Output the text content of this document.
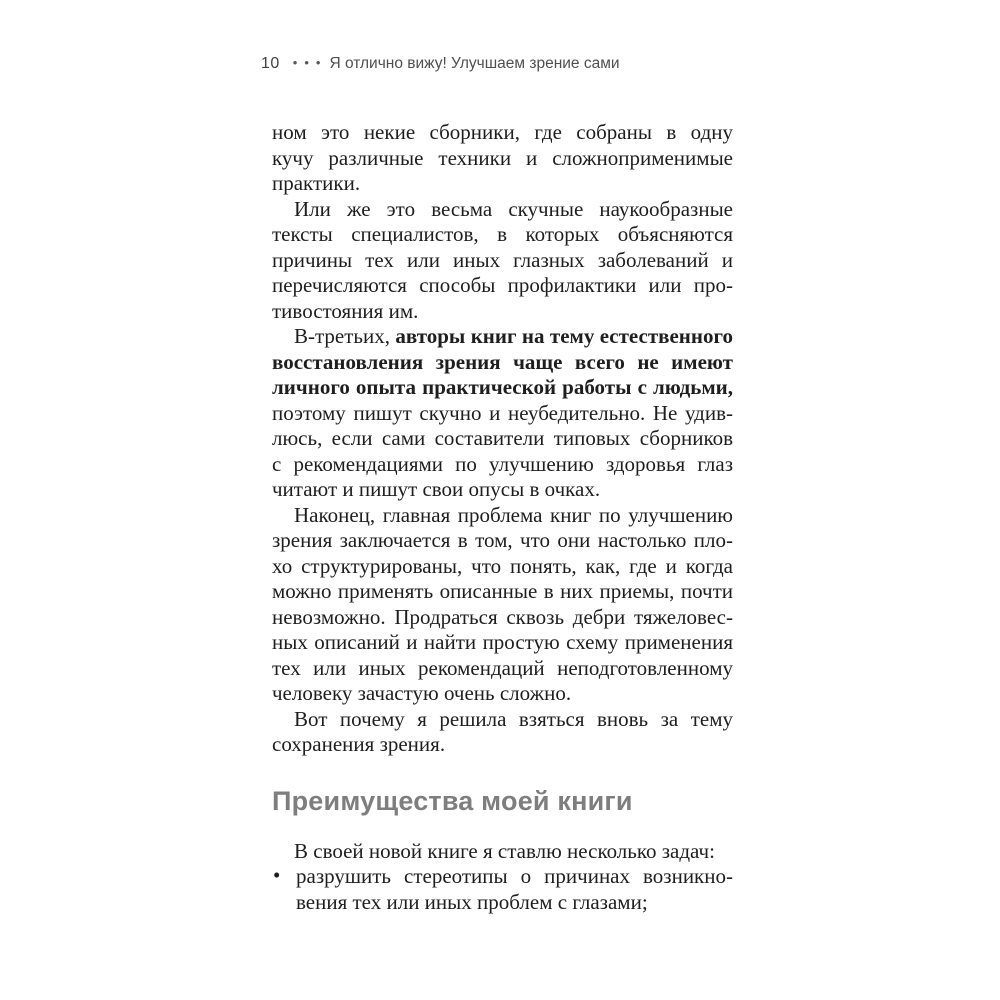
10 ••• Я отлично вижу! Улучшаем зрение сами
ном это некие сборники, где собраны в одну
кучу различные техники и сложноприменимые
практики.
Или же это весьма скучные наукообразные
тексты специалистов, в которых объясняются
причины тех или иных глазных заболеваний и
перечисляются способы профилактики или про-
тивостояния им.
В-третьих, авторы книг на тему естественного
восстановления зрения чаще всего не имеют
личного опыта практической работы с людьми,
поэтому пишут скучно и неубедительно. Не удив-
люсь, если сами составители типовых сборников
с рекомендациями по улучшению здоровья глаз
читают и пишут свои опусы в очках.
Наконец, главная проблема книг по улучшению
зрения заключается в том, что они настолько пло-
хо структурированы, что понять, как, где и когда
можно применять описанные в них приемы, почти
невозможно. Продраться сквозь дебри тяжеловес-
ных описаний и найти простую схему применения
тех или иных рекомендаций неподготовленному
человеку зачастую очень сложно.
Вот почему я решила взяться вновь за тему
сохранения зрения.
Преимущества моей книги
В своей новой книге я ставлю несколько задач:
• разрушить стереотипы о причинах возникно-
вения тех или иных проблем с глазами;
